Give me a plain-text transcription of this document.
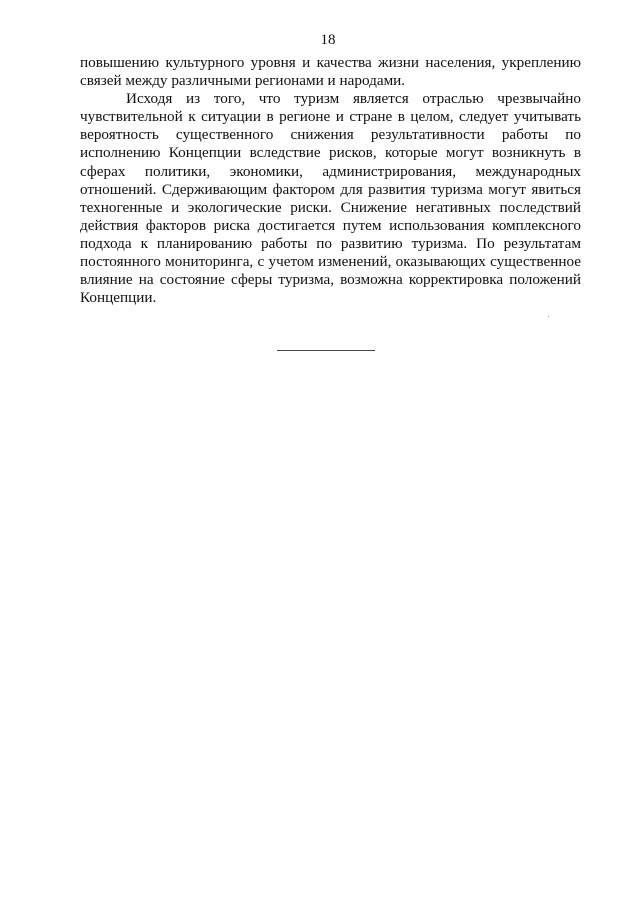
18

повышению культурного уровня и качества жизни населения, укреплению
связей между различными регионами и народами.

Исходя из того, что туризм является отраслью чрезвычайно
чувствительной к ситуации в регионе и стране в целом, следует учитывать
вероятность существенного снижения результативности работы по
исполнению Концепции вследствие рисков, которые могут возникнуть в
сферах политики, экономики, администрирования, международных
отношений. Сдерживающим фактором для развития туризма могут явиться
техногенные и экологические риски. Снижение негативных последствий
действия факторов риска достигается путем использования комплексного
подхода к планированию работы по развитию туризма. По результатам
постоянного мониторинга, с учетом изменений, оказывающих существенное
влияние на состояние сферы туризма, возможна корректировка положений
Концепции.
